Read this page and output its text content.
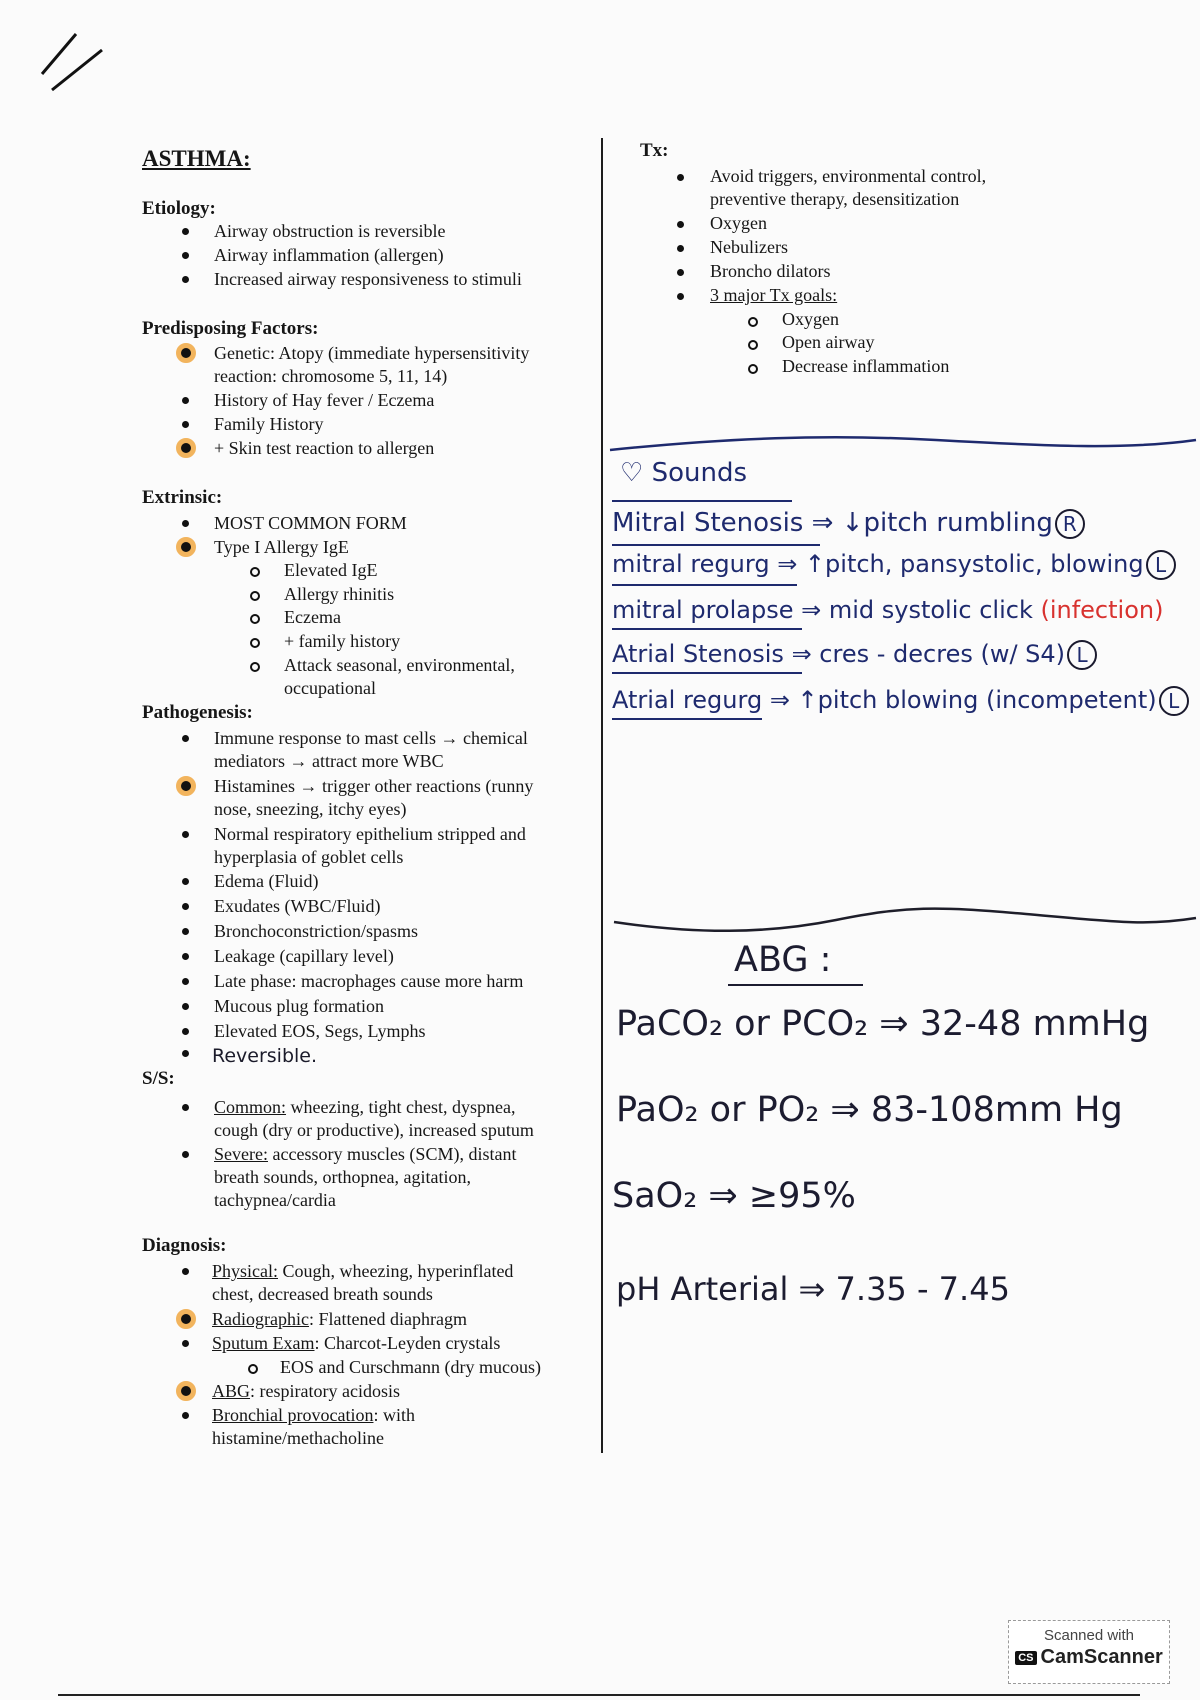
ASTHMA:
Etiology:
Airway obstruction is reversible
Airway inflammation (allergen)
Increased airway responsiveness to stimuli
Predisposing Factors:
Genetic: Atopy (immediate hypersensitivity
reaction: chromosome 5, 11, 14)
History of Hay fever / Eczema
Family History
+ Skin test reaction to allergen
Extrinsic:
MOST COMMON FORM
Type I Allergy IgE
Elevated IgE
Allergy rhinitis
Eczema
+ family history
Attack seasonal, environmental,
occupational
Pathogenesis:
Immune response to mast cells → chemical
mediators → attract more WBC
Histamines → trigger other reactions (runny
nose, sneezing, itchy eyes)
Normal respiratory epithelium stripped and
hyperplasia of goblet cells
Edema (Fluid)
Exudates (WBC/Fluid)
Bronchoconstriction/spasms
Leakage (capillary level)
Late phase: macrophages cause more harm
Mucous plug formation
Elevated EOS, Segs, Lymphs
Reversible.
S/S:
Common: wheezing, tight chest, dyspnea,
cough (dry or productive), increased sputum
Severe: accessory muscles (SCM), distant
breath sounds, orthopnea, agitation,
tachypnea/cardia
Diagnosis:
Physical: Cough, wheezing, hyperinflated
chest, decreased breath sounds
Radiographic: Flattened diaphragm
Sputum Exam: Charcot-Leyden crystals
EOS and Curschmann (dry mucous)
ABG: respiratory acidosis
Bronchial provocation: with
histamine/methacholine
Tx:
Avoid triggers, environmental control,
preventive therapy, desensitization
Oxygen
Nebulizers
Broncho dilators
3 major Tx goals:
Oxygen
Open airway
Decrease inflammation
♡ Sounds
Mitral Stenosis ⇒ ↓pitch rumbling R
mitral regurg ⇒ ↑pitch, pansystolic, blowing L
mitral prolapse ⇒ mid systolic click (infection)
Atrial Stenosis ⇒ cres - decres (w/ S4) L
Atrial regurg ⇒ ↑pitch blowing (incompetent) L
ABG :
PaCO₂ or PCO₂ ⇒ 32-48 mmHg
PaO₂ or PO₂ ⇒ 83-108mm Hg
SaO₂ ⇒ ≥95%
pH Arterial ⇒ 7.35 - 7.45
Scanned with
CS CamScanner
